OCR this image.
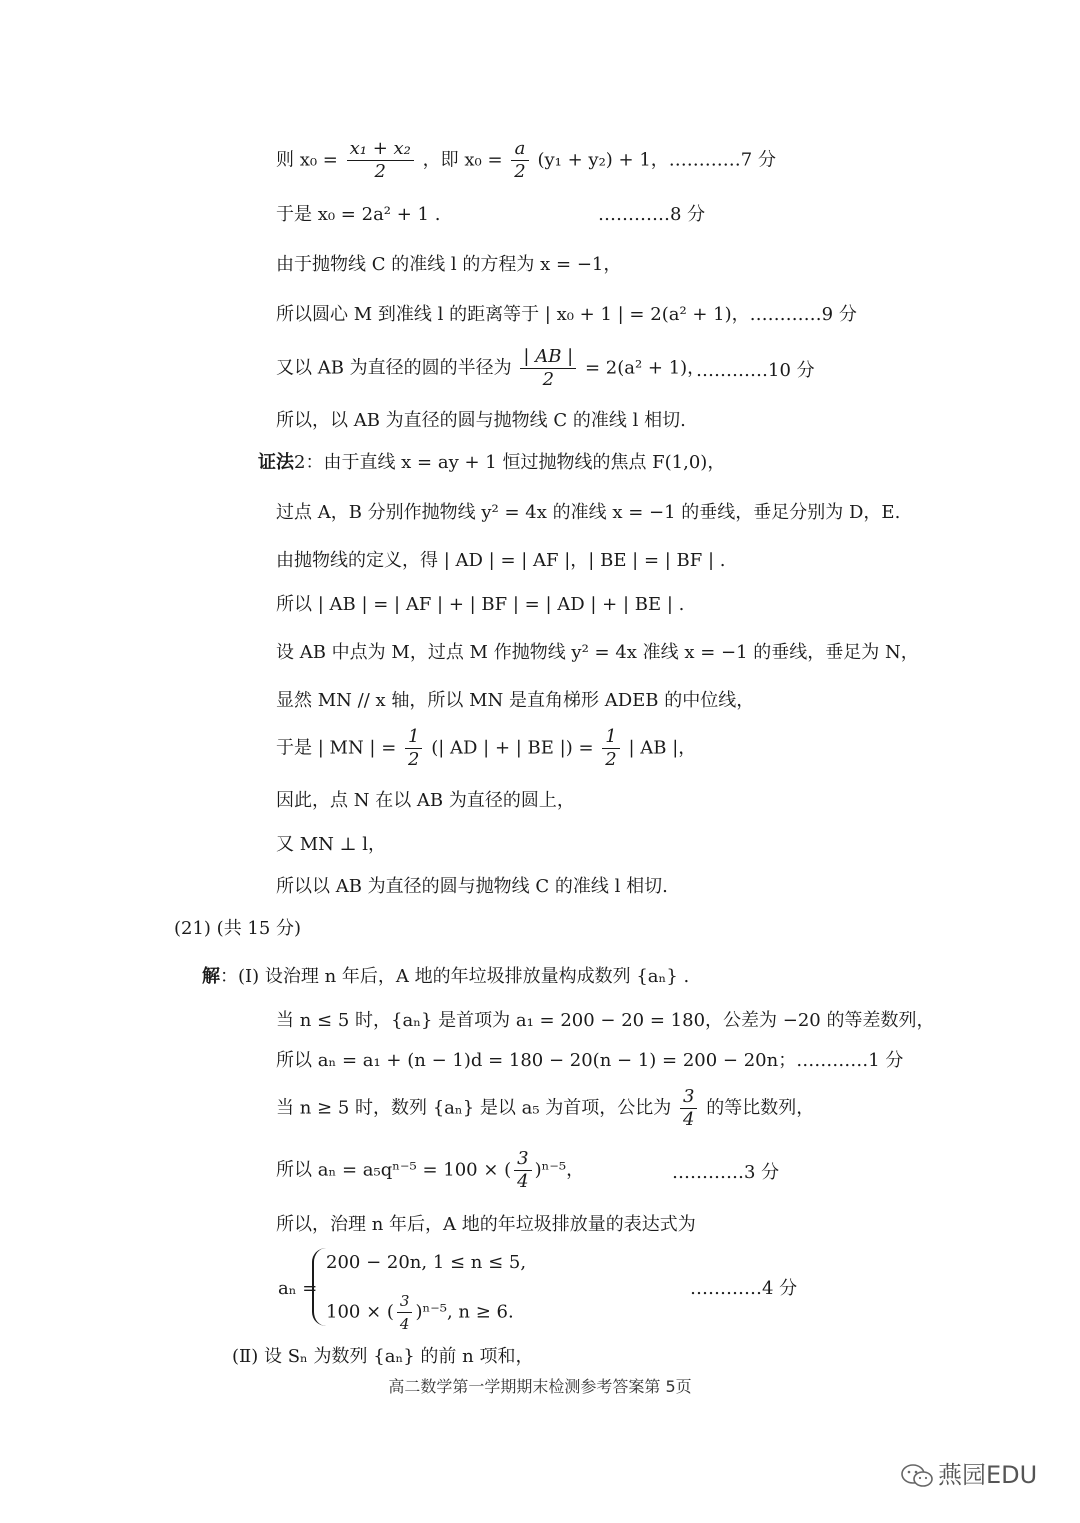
则 $x_0 = \frac{\text{x₁ + x₂}}{2}$ ，即 $x_0 = \frac{a}{2} (y_1 + y_2) + 1$，…………7 分
于是 x₀ = 2a² + 1 .	…………8 分
由于抛物线 C 的准线 l 的方程为 x = −1，
所以圆心 M 到准线 l 的距离等于 | x₀ + 1 | = 2(a² + 1)，…………9 分
又以 AB 为直径的圆的半径为 $\frac{| AB |}{2} = 2(a^2 + 1)$，
…………10 分
所以，以 AB 为直径的圆与抛物线 C 的准线 l 相切.
证法2：由于直线 x = ay + 1 恒过抛物线的焦点 F(1,0)，
过点 A，B 分别作抛物线 y² = 4x 的准线 x = −1 的垂线，垂足分别为 D，E.
由抛物线的定义，得 | AD | = | AF |，| BE | = | BF | .
所以 | AB | = | AF | + | BF | = | AD | + | BE | .
设 AB 中点为 M，过点 M 作抛物线 y² = 4x 准线 x = −1 的垂线，垂足为 N，
显然 MN // x 轴，所以 MN 是直角梯形 ADEB 的中位线，
于是 | MN | = $\frac{1}{2}$ (| AD | + | BE |) = $\frac{1}{2}$ | AB |，
因此，点 N 在以 AB 为直径的圆上，
又 MN ⊥ l，
所以以 AB 为直径的圆与抛物线 C 的准线 l 相切.
(21) (共 15 分)
解：(Ⅰ) 设治理 n 年后，A 地的年垃圾排放量构成数列 {aₙ} .
当 n ≤ 5 时，{aₙ} 是首项为 a₁ = 200 − 20 = 180，公差为 −20 的等差数列，
所以 aₙ = a₁ + (n − 1)d = 180 − 20(n − 1) = 200 − 20n；…………1 分
当 n ≥ 5 时，数列 {aₙ} 是以 a₅ 为首项，公比为 $\frac{3}{4}$ 的等比数列，
所以 aₙ = a₅qⁿ⁻⁵ = 100 × ( $\frac{3}{4} )^{n-5}$，	…………3 分
所以，治理 n 年后，A 地的年垃圾排放量的表达式为
aₙ =
200 − 20n, 1 ≤ n ≤ 5,
100 × ( $\frac{3}{4} )^{n-5}$, n ≥ 6.
…………4 分
(Ⅱ) 设 Sₙ 为数列 {aₙ} 的前 n 项和，
高二数学第一学期期末检测参考答案第 5页
燕园EDU
